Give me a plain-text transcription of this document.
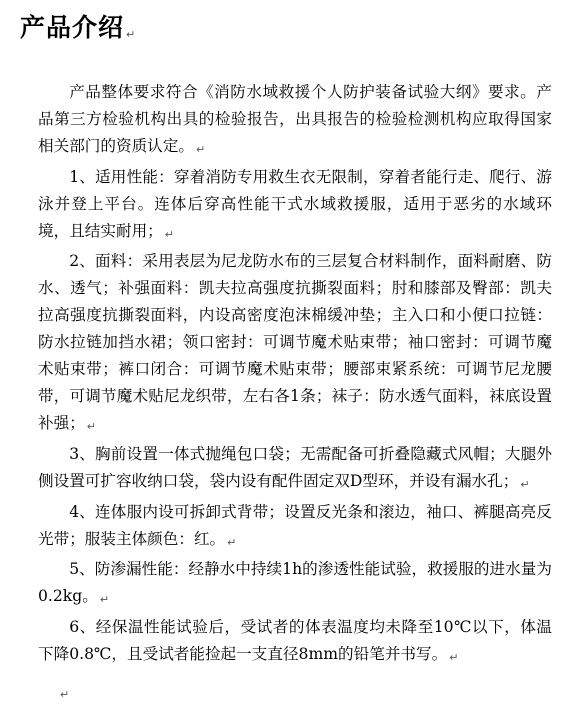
产品介绍 ↵

产品整体要求符合《消防水域救援个人防护装备试验大纲》要求。产品第三方检验机构出具的检验报告，出具报告的检验检测机构应取得国家相关部门的资质认定。 ↵

1、适用性能：穿着消防专用救生衣无限制，穿着者能行走、爬行、游泳并登上平台。连体后穿高性能干式水域救援服，适用于恶劣的水域环境，且结实耐用； ↵

2、面料：采用表层为尼龙防水布的三层复合材料制作，面料耐磨、防水、透气；补强面料：凯夫拉高强度抗撕裂面料；肘和膝部及臀部：凯夫拉高强度抗撕裂面料，内设高密度泡沫棉缓冲垫；主入口和小便口拉链：防水拉链加挡水裙；领口密封：可调节魔术贴束带；袖口密封：可调节魔术贴束带；裤口闭合：可调节魔术贴束带；腰部束紧系统：可调节尼龙腰带，可调节魔术贴尼龙织带，左右各1条；袜子：防水透气面料，袜底设置补强； ↵

3、胸前设置一体式抛绳包口袋；无需配备可折叠隐藏式风帽；大腿外侧设置可扩容收纳口袋，袋内设有配件固定双D型环，并设有漏水孔； ↵

4、连体服内设可拆卸式背带；设置反光条和滚边，袖口、裤腿高亮反光带；服装主体颜色：红。 ↵

5、防渗漏性能：经静水中持续1h的渗透性能试验，救援服的进水量为0.2kg。 ↵

6、经保温性能试验后，受试者的体表温度均未降至10℃以下，体温下降0.8℃，且受试者能捡起一支直径8mm的铅笔并书写。 ↵

↵
